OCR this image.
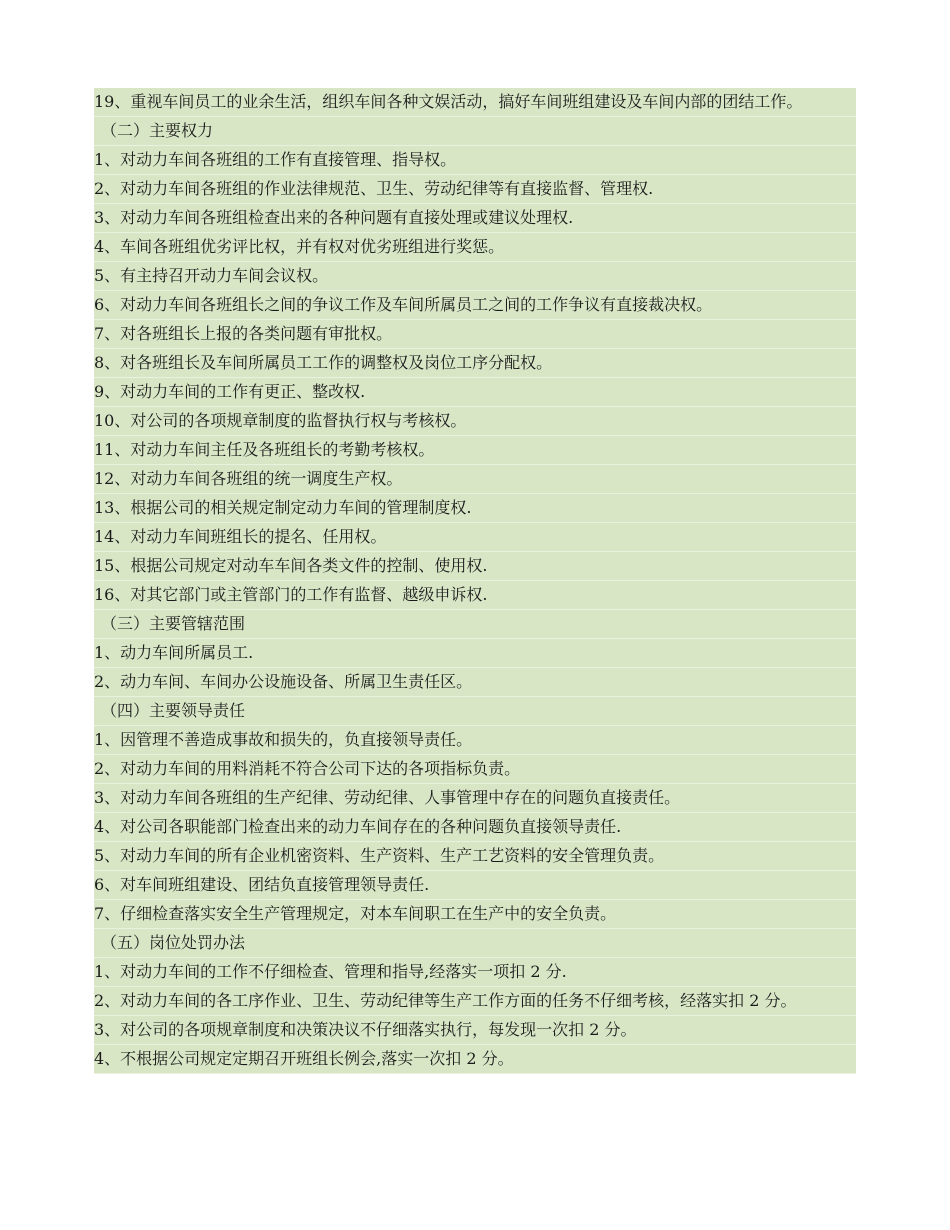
19、重视车间员工的业余生活，组织车间各种文娱活动，搞好车间班组建设及车间内部的团结工作。
（二）主要权力
1、对动力车间各班组的工作有直接管理、指导权。
2、对动力车间各班组的作业法律规范、卫生、劳动纪律等有直接监督、管理权.
3、对动力车间各班组检查出来的各种问题有直接处理或建议处理权.
4、车间各班组优劣评比权，并有权对优劣班组进行奖惩。
5、有主持召开动力车间会议权。
6、对动力车间各班组长之间的争议工作及车间所属员工之间的工作争议有直接裁决权。
7、对各班组长上报的各类问题有审批权。
8、对各班组长及车间所属员工工作的调整权及岗位工序分配权。
9、对动力车间的工作有更正、整改权.
10、对公司的各项规章制度的监督执行权与考核权。
11、对动力车间主任及各班组长的考勤考核权。
12、对动力车间各班组的统一调度生产权。
13、根据公司的相关规定制定动力车间的管理制度权.
14、对动力车间班组长的提名、任用权。
15、根据公司规定对动车车间各类文件的控制、使用权.
16、对其它部门或主管部门的工作有监督、越级申诉权.
（三）主要管辖范围
1、动力车间所属员工.
2、动力车间、车间办公设施设备、所属卫生责任区。
（四）主要领导责任
1、因管理不善造成事故和损失的，负直接领导责任。
2、对动力车间的用料消耗不符合公司下达的各项指标负责。
3、对动力车间各班组的生产纪律、劳动纪律、人事管理中存在的问题负直接责任。
4、对公司各职能部门检查出来的动力车间存在的各种问题负直接领导责任.
5、对动力车间的所有企业机密资料、生产资料、生产工艺资料的安全管理负责。
6、对车间班组建设、团结负直接管理领导责任.
7、仔细检查落实安全生产管理规定，对本车间职工在生产中的安全负责。
（五）岗位处罚办法
1、对动力车间的工作不仔细检查、管理和指导,经落实一项扣 2 分.
2、对动力车间的各工序作业、卫生、劳动纪律等生产工作方面的任务不仔细考核，经落实扣 2 分。
3、对公司的各项规章制度和决策决议不仔细落实执行，每发现一次扣 2 分。
4、不根据公司规定定期召开班组长例会,落实一次扣 2 分。
